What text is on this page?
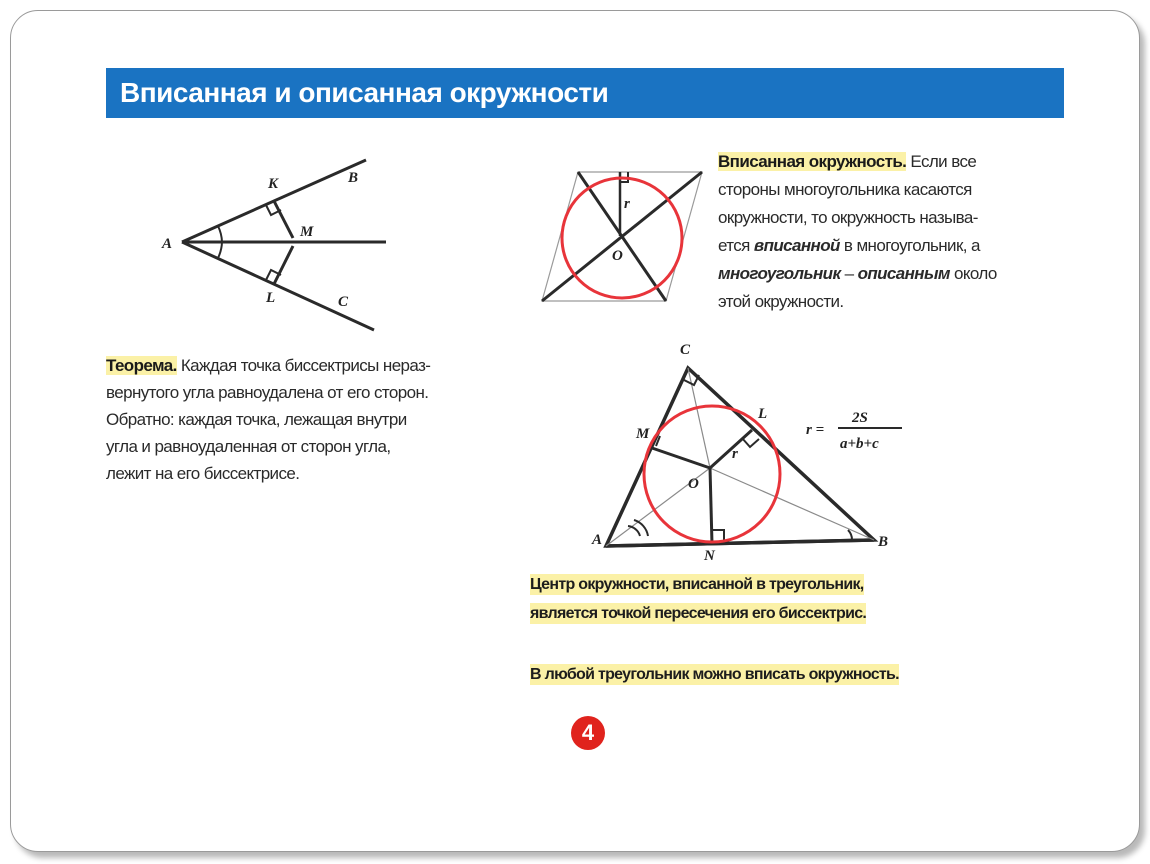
Вписанная и описанная окружности
A
K	B
M
L	C
Теорема. Каждая точка биссектрисы нераз-
вернутого угла равноудалена от его сторон.
Обратно: каждая точка, лежащая внутри
угла и равноудаленная от сторон угла,
лежит на его биссектрисе.
r
O
Вписанная окружность. Если все
стороны многоугольника касаются
окружности, то окружность называ-
ется вписанной в многоугольник, а
многоугольник – описанным около
этой окружности.
C
M
L
A
N
B
O
r
r =
2S
a+b+c
Центр окружности, вписанной в треугольник,
является точкой пересечения его биссектрис.
В любой треугольник можно вписать окружность.
4
